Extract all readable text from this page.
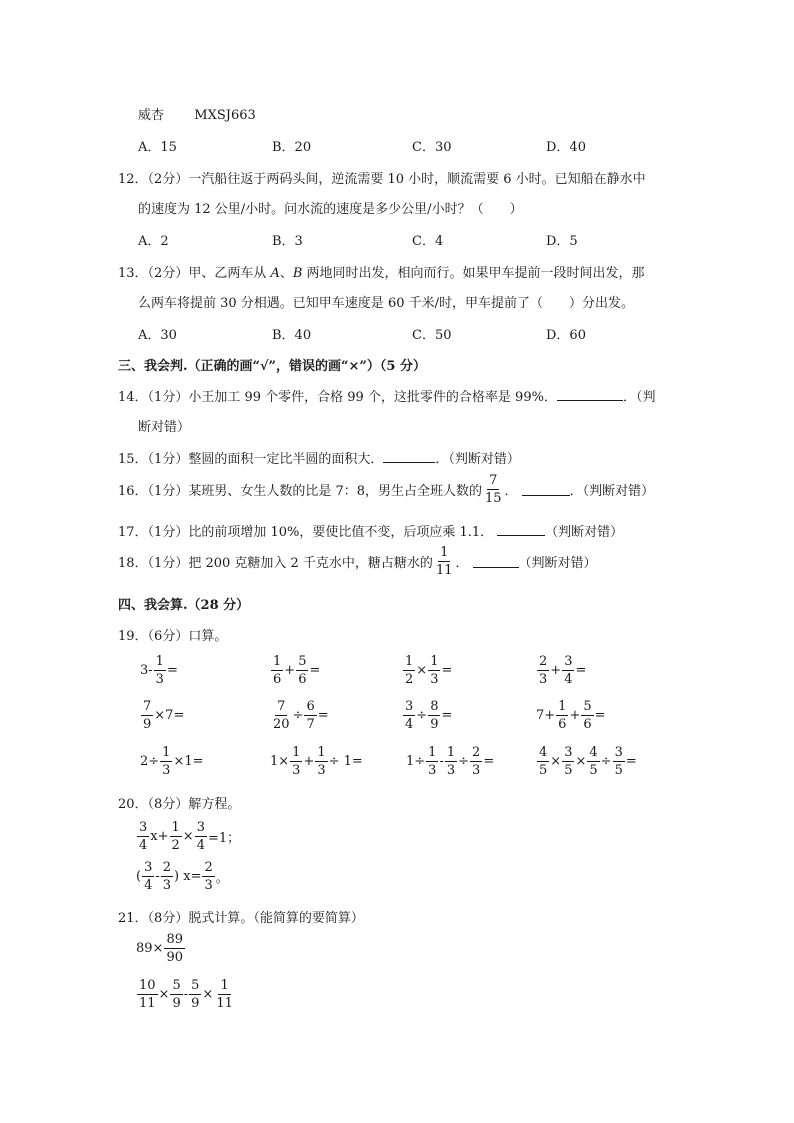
威杏 MXSJ663
A．15	B．20	C．30	D．40
12．（2分）一汽船往返于两码头间，逆流需要 10 小时，顺流需要 6 小时。已知船在静水中
的速度为 12 公里/小时。问水流的速度是多少公里/小时？（　　）
A．2	B．3	C．4	D．5
13．（2分）甲、乙两车从 A、B 两地同时出发，相向而行。如果甲车提前一段时间出发，那
么两车将提前 30 分相遇。已知甲车速度是 60 千米/时，甲车提前了（　　）分出发。
A．30	B．40	C．50	D．60
三、我会判.（正确的画“√”，错误的画“×”）（5 分）
14．（1分）小王加工 99 个零件，合格 99 个，这批零件的合格率是 99%．	．（判
断对错）
15．（1分）整圆的面积一定比半圆的面积大．	．（判断对错）
16．（1分）某班男、女生人数的比是 7：8，男生占全班人数的 $\frac{7}{15}$ ．	．（判断对错）
17．（1分）比的前项增加 10%，要使比值不变，后项应乘 1.1．	（判断对错）
18．（1分）把 200 克糖加入 2 千克水中，糖占糖水的 $\frac{1}{11}$ ．	（判断对错）
四、我会算.（28 分）
19．（6分）口算。
$3- \frac{1}{3}$ =	$\frac{1}{6} + \frac{5}{6}$ =	$\frac{1}{2} \times \frac{1}{3}$ =	$\frac{2}{3} + \frac{3}{4}$ =
$\frac{7}{9} \times 7=$	$\frac{7}{20} \div \frac{6}{7}$ =	$\frac{3}{4} \div \frac{8}{9}$ =	$7+ \frac{1}{6} + \frac{5}{6}$ =
$2\div \frac{1}{3} \times 1=$	$1\times \frac{1}{3} + \frac{1}{3} \div 1=$	$1\div \frac{1}{3} - \frac{1}{3} \div \frac{2}{3}$ =	$\frac{4}{5} \times \frac{3}{5} \times \frac{4}{5} \div \frac{3}{5}$ =
20．（8分）解方程。
$\frac{3}{4} x+ \frac{1}{2} \times \frac{3}{4} =1$；
( $\frac{3}{4} - \frac{2}{3}$ ) $x= \frac{2}{3}$ 。
21．（8分）脱式计算。（能简算的要简算）
$89\times \frac{89}{90}$
$\frac{10}{11} \times \frac{5}{9} - \frac{5}{9} \times \frac{1}{11}$
